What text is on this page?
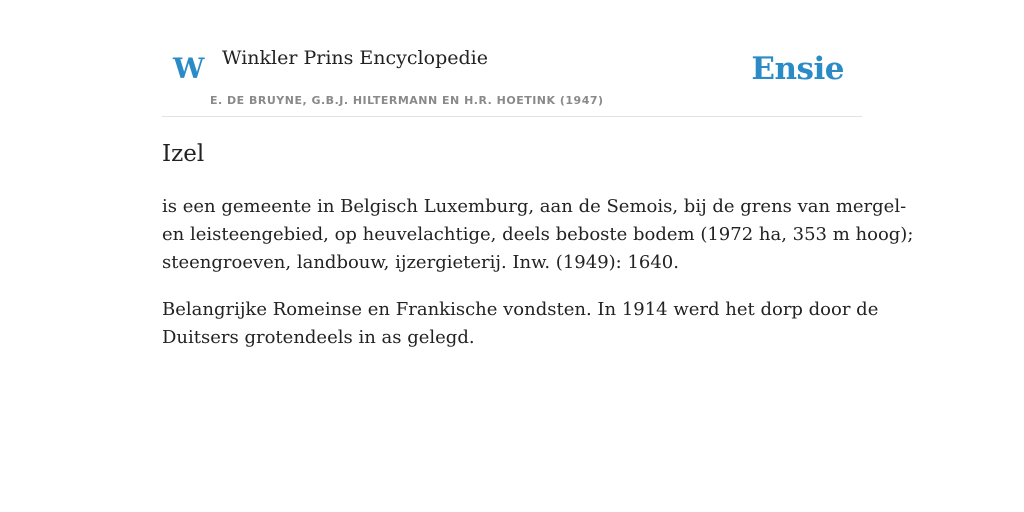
W Winkler Prins Encyclopedie
E. DE BRUYNE, G.B.J. HILTERMANN EN H.R. HOETINK (1947)
Ensie
Izel

is een gemeente in Belgisch Luxemburg, aan de Semois, bij de grens van mergel-
en leisteengebied, op heuvelachtige, deels beboste bodem (1972 ha, 353 m hoog);
steengroeven, landbouw, ijzergieterij. Inw. (1949): 1640.

Belangrijke Romeinse en Frankische vondsten. In 1914 werd het dorp door de
Duitsers grotendeels in as gelegd.
